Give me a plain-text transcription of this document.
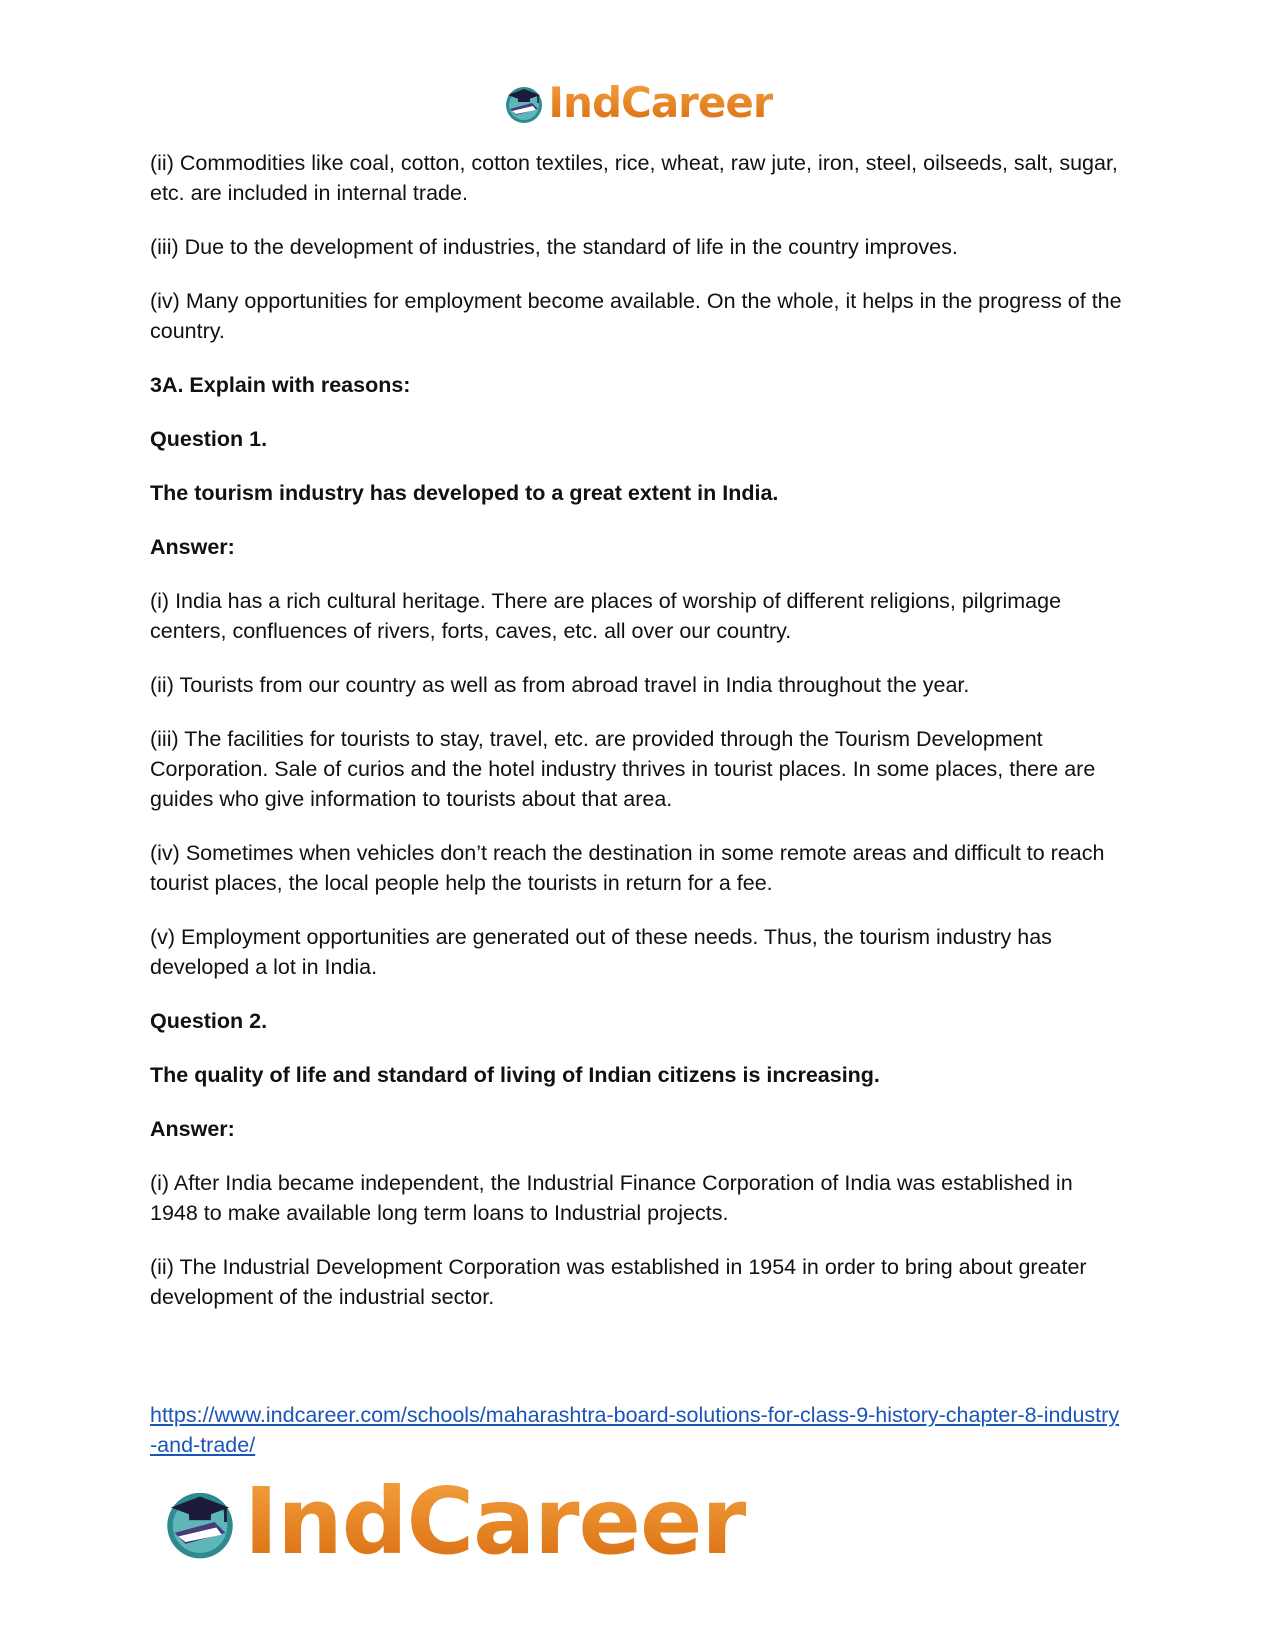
IndCareer

(ii) Commodities like coal, cotton, cotton textiles, rice, wheat, raw jute, iron, steel, oilseeds, salt, sugar, etc. are included in internal trade.

(iii) Due to the development of industries, the standard of life in the country improves.

(iv) Many opportunities for employment become available. On the whole, it helps in the progress of the country.

3A. Explain with reasons:

Question 1.

The tourism industry has developed to a great extent in India.

Answer:

(i) India has a rich cultural heritage. There are places of worship of different religions, pilgrimage centers, confluences of rivers, forts, caves, etc. all over our country.

(ii) Tourists from our country as well as from abroad travel in India throughout the year.

(iii) The facilities for tourists to stay, travel, etc. are provided through the Tourism Development Corporation. Sale of curios and the hotel industry thrives in tourist places. In some places, there are guides who give information to tourists about that area.

(iv) Sometimes when vehicles don’t reach the destination in some remote areas and difficult to reach tourist places, the local people help the tourists in return for a fee.

(v) Employment opportunities are generated out of these needs. Thus, the tourism industry has developed a lot in India.

Question 2.

The quality of life and standard of living of Indian citizens is increasing.

Answer:

(i) After India became independent, the Industrial Finance Corporation of India was established in 1948 to make available long term loans to Industrial projects.

(ii) The Industrial Development Corporation was established in 1954 in order to bring about greater development of the industrial sector.

https://www.indcareer.com/schools/maharashtra-board-solutions-for-class-9-history-chapter-8-industry-and-trade/
IndCareer
